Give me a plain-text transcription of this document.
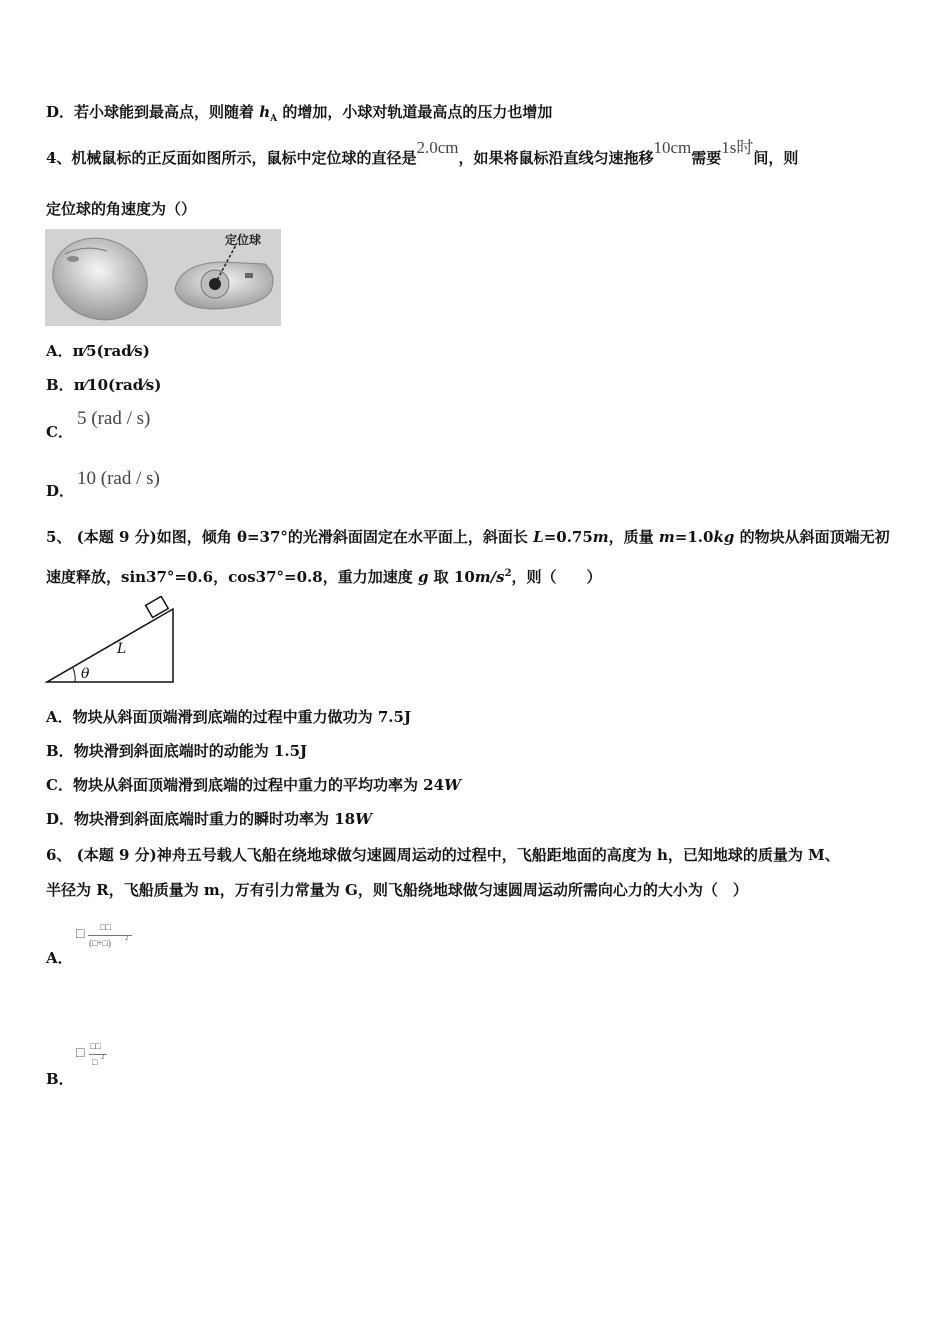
D．若小球能到最高点，则随着 $h_A$ 的增加，小球对轨道最高点的压力也增加
4、机械鼠标的正反面如图所示，鼠标中定位球的直径是2.0cm，如果将鼠标沿直线匀速拖移10cm需要1s时间，则
定位球的角速度为（）
定位球
A．π⁄5(rad⁄s)
B．π⁄10(rad⁄s)
C．
5 (rad / s)
D．
10 (rad / s)
5、 (本题 9 分)如图，倾角 θ=37°的光滑斜面固定在水平面上，斜面长 L=0.75m，质量 m=1.0kg 的物块从斜面顶端无初
速度释放，sin37°=0.6，cos37°=0.8，重力加速度 g 取 $10m/s^2$，则（　　）
L
θ
A．物块从斜面顶端滑到底端的过程中重力做功为 7.5J
B．物块滑到斜面底端时的动能为 1.5J
C．物块从斜面顶端滑到底端的过程中重力的平均功率为 24W
D．物块滑到斜面底端时重力的瞬时功率为 18W
6、 (本题 9 分)神舟五号载人飞船在绕地球做匀速圆周运动的过程中，飞船距地面的高度为 h，已知地球的质量为 M、
半径为 R，飞船质量为 m，万有引力常量为 G，则飞船绕地球做匀速圆周运动所需向心力的大小为（　）
A．
□ □□
(□+□) 2
B．
□ □□
□ 2
